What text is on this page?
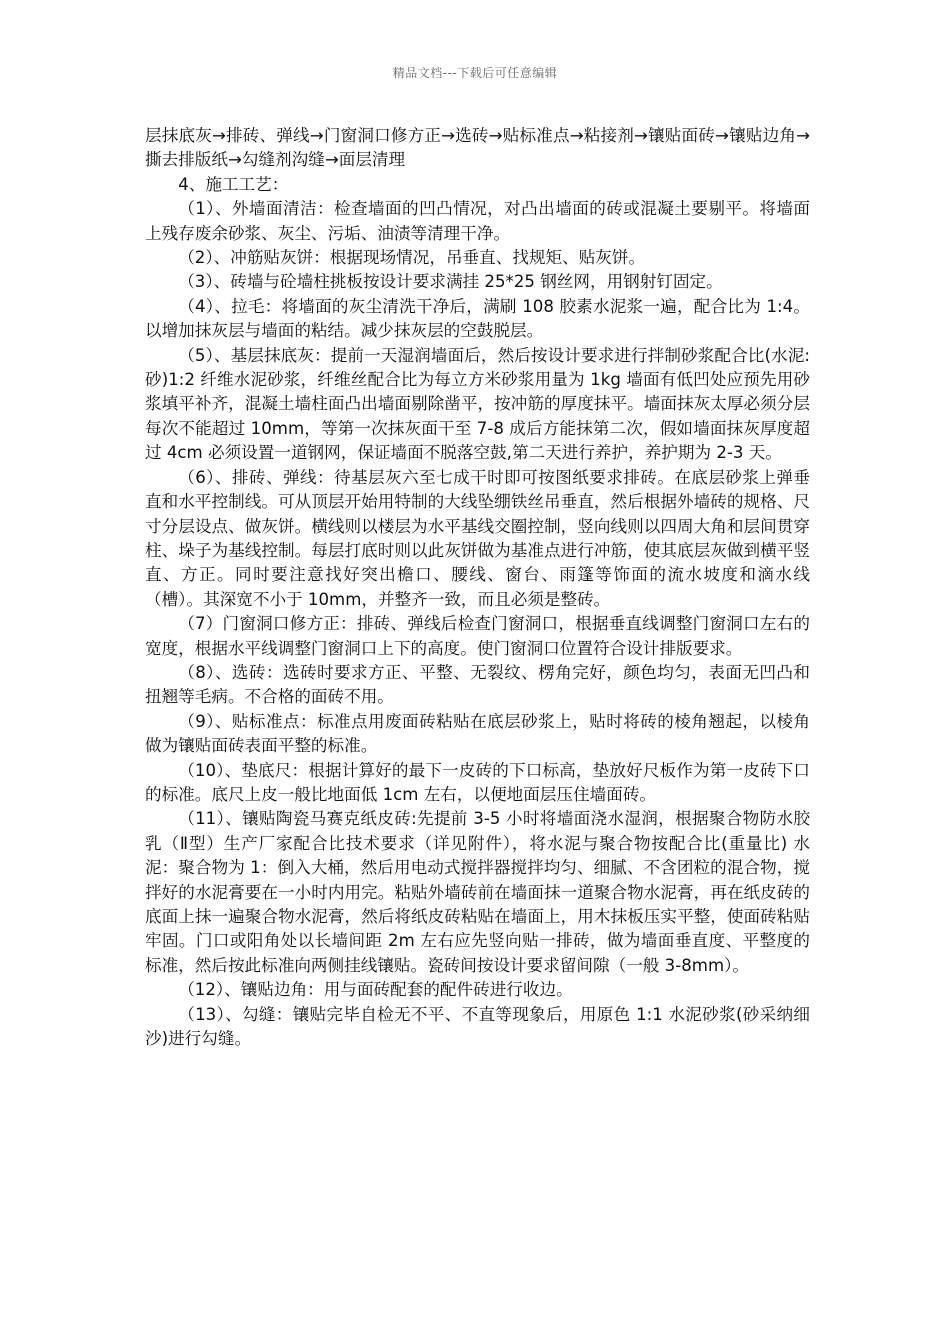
精品文档---下载后可任意编辑

层抹底灰→排砖、弹线→门窗洞口修方正→选砖→贴标准点→粘接剂→镶贴面砖→镶贴边角→撕去排版纸→勾缝剂沟缝→面层清理

4、施工工艺：

（1）、外墙面清洁：检查墙面的凹凸情况，对凸出墙面的砖或混凝土要剔平。将墙面上残存废余砂浆、灰尘、污垢、油渍等清理干净。

（2）、冲筋贴灰饼：根据现场情况，吊垂直、找规矩、贴灰饼。

（3）、砖墙与砼墙柱挑板按设计要求满挂 25*25 钢丝网，用钢射钉固定。

（4）、拉毛：将墙面的灰尘清洗干净后，满刷 108 胶素水泥浆一遍，配合比为 1:4。以增加抹灰层与墙面的粘结。减少抹灰层的空鼓脱层。

（5）、基层抹底灰：提前一天湿润墙面后，然后按设计要求进行拌制砂浆配合比(水泥:砂)1:2 纤维水泥砂浆，纤维丝配合比为每立方米砂浆用量为 1kg 墙面有低凹处应预先用砂浆填平补齐，混凝土墙柱面凸出墙面剔除凿平，按冲筋的厚度抹平。墙面抹灰太厚必须分层每次不能超过 10mm，等第一次抹灰面干至 7-8 成后方能抹第二次，假如墙面抹灰厚度超过 4cm 必须设置一道钢网，保证墙面不脱落空鼓,第二天进行养护，养护期为 2-3 天。

（6）、排砖、弹线：待基层灰六至七成干时即可按图纸要求排砖。在底层砂浆上弹垂直和水平控制线。可从顶层开始用特制的大线坠绷铁丝吊垂直，然后根据外墙砖的规格、尺寸分层设点、做灰饼。横线则以楼层为水平基线交圈控制，竖向线则以四周大角和层间贯穿柱、垛子为基线控制。每层打底时则以此灰饼做为基准点进行冲筋，使其底层灰做到横平竖直、方正。同时要注意找好突出檐口、腰线、窗台、雨篷等饰面的流水坡度和滴水线（槽）。其深宽不小于 10mm，并整齐一致，而且必须是整砖。

（7）门窗洞口修方正：排砖、弹线后检查门窗洞口，根据垂直线调整门窗洞口左右的宽度，根据水平线调整门窗洞口上下的高度。使门窗洞口位置符合设计排版要求。

（8）、选砖：选砖时要求方正、平整、无裂纹、楞角完好，颜色均匀，表面无凹凸和扭翘等毛病。不合格的面砖不用。

（9）、贴标准点：标准点用废面砖粘贴在底层砂浆上，贴时将砖的棱角翘起，以棱角做为镶贴面砖表面平整的标准。

（10）、垫底尺：根据计算好的最下一皮砖的下口标高，垫放好尺板作为第一皮砖下口的标准。底尺上皮一般比地面低 1cm 左右，以便地面层压住墙面砖。

（11）、镶贴陶瓷马赛克纸皮砖:先提前 3-5 小时将墙面浇水湿润，根据聚合物防水胶乳（Ⅱ型）生产厂家配合比技术要求（详见附件），将水泥与聚合物按配合比(重量比) 水泥：聚合物为 1：倒入大桶，然后用电动式搅拌器搅拌均匀、细腻、不含团粒的混合物，搅拌好的水泥膏要在一小时内用完。粘贴外墙砖前在墙面抹一道聚合物水泥膏，再在纸皮砖的底面上抹一遍聚合物水泥膏，然后将纸皮砖粘贴在墙面上，用木抹板压实平整，使面砖粘贴牢固。门口或阳角处以长墙间距 2m 左右应先竖向贴一排砖，做为墙面垂直度、平整度的标准，然后按此标准向两侧挂线镶贴。瓷砖间按设计要求留间隙（一般 3-8mm）。

（12）、镶贴边角：用与面砖配套的配件砖进行收边。

（13）、勾缝：镶贴完毕自检无不平、不直等现象后，用原色 1:1 水泥砂浆(砂采纳细沙)进行勾缝。
